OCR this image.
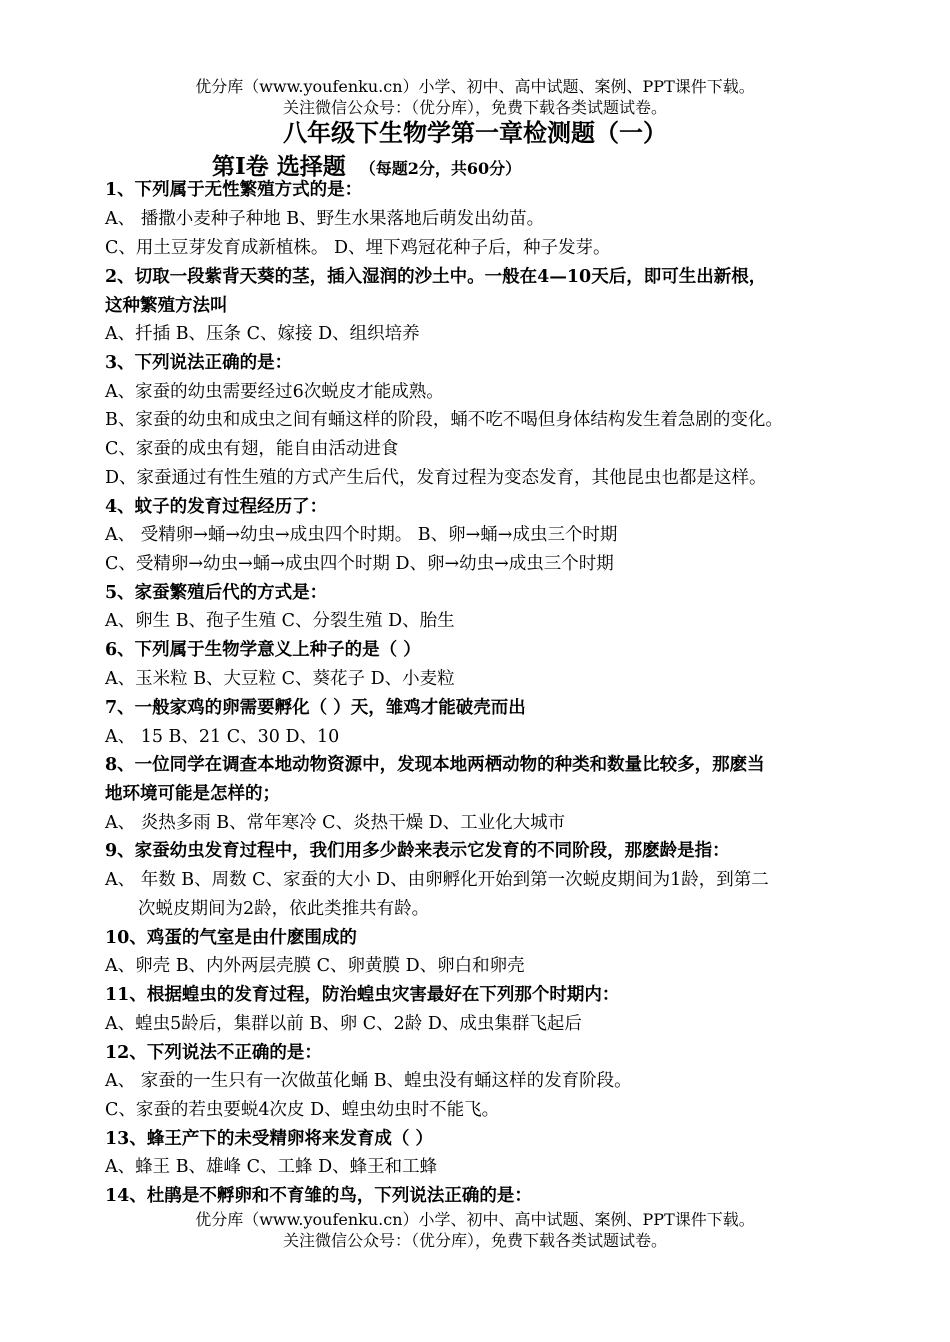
优分库（www.youfenku.cn）小学、初中、高中试题、案例、PPT课件下载。
关注微信公众号：（优分库），免费下载各类试题试卷。
八年级下生物学第一章检测题（一）
第Ⅰ卷 选择题 （每题2分，共60分）
1、下列属于无性繁殖方式的是：
A、 播撒小麦种子种地 B、野生水果落地后萌发出幼苗。
C、用土豆芽发育成新植株。 D、埋下鸡冠花种子后，种子发芽。
2、切取一段紫背天葵的茎，插入湿润的沙土中。一般在4—10天后，即可生出新根，
这种繁殖方法叫
A、扦插 B、压条 C、嫁接 D、组织培养
3、下列说法正确的是：
A、家蚕的幼虫需要经过6次蜕皮才能成熟。
B、家蚕的幼虫和成虫之间有蛹这样的阶段，蛹不吃不喝但身体结构发生着急剧的变化。
C、家蚕的成虫有翅，能自由活动进食
D、家蚕通过有性生殖的方式产生后代，发育过程为变态发育，其他昆虫也都是这样。
4、蚊子的发育过程经历了：
A、 受精卵→蛹→幼虫→成虫四个时期。 B、卵→蛹→成虫三个时期
C、受精卵→幼虫→蛹→成虫四个时期 D、卵→幼虫→成虫三个时期
5、家蚕繁殖后代的方式是：
A、卵生 B、孢子生殖 C、分裂生殖 D、胎生
6、下列属于生物学意义上种子的是（ ）
A、玉米粒 B、大豆粒 C、葵花子 D、小麦粒
7、一般家鸡的卵需要孵化（ ）天，雏鸡才能破壳而出
A、 15 B、21 C、30 D、10
8、一位同学在调查本地动物资源中，发现本地两栖动物的种类和数量比较多，那麽当
地环境可能是怎样的；
A、 炎热多雨 B、常年寒冷 C、炎热干燥 D、工业化大城市
9、家蚕幼虫发育过程中，我们用多少龄来表示它发育的不同阶段，那麽龄是指：
A、 年数 B、周数 C、家蚕的大小 D、由卵孵化开始到第一次蜕皮期间为1龄，到第二
次蜕皮期间为2龄，依此类推共有龄。
10、鸡蛋的气室是由什麽围成的
A、卵壳 B、内外两层壳膜 C、卵黄膜 D、卵白和卵壳
11、根据蝗虫的发育过程，防治蝗虫灾害最好在下列那个时期内：
A、蝗虫5龄后，集群以前 B、卵 C、2龄 D、成虫集群飞起后
12、下列说法不正确的是：
A、 家蚕的一生只有一次做茧化蛹 B、蝗虫没有蛹这样的发育阶段。
C、家蚕的若虫要蜕4次皮 D、蝗虫幼虫时不能飞。
13、蜂王产下的未受精卵将来发育成（ ）
A、蜂王 B、雄峰 C、工蜂 D、蜂王和工蜂
14、杜鹃是不孵卵和不育雏的鸟，下列说法正确的是：
优分库（www.youfenku.cn）小学、初中、高中试题、案例、PPT课件下载。
关注微信公众号：（优分库），免费下载各类试题试卷。
